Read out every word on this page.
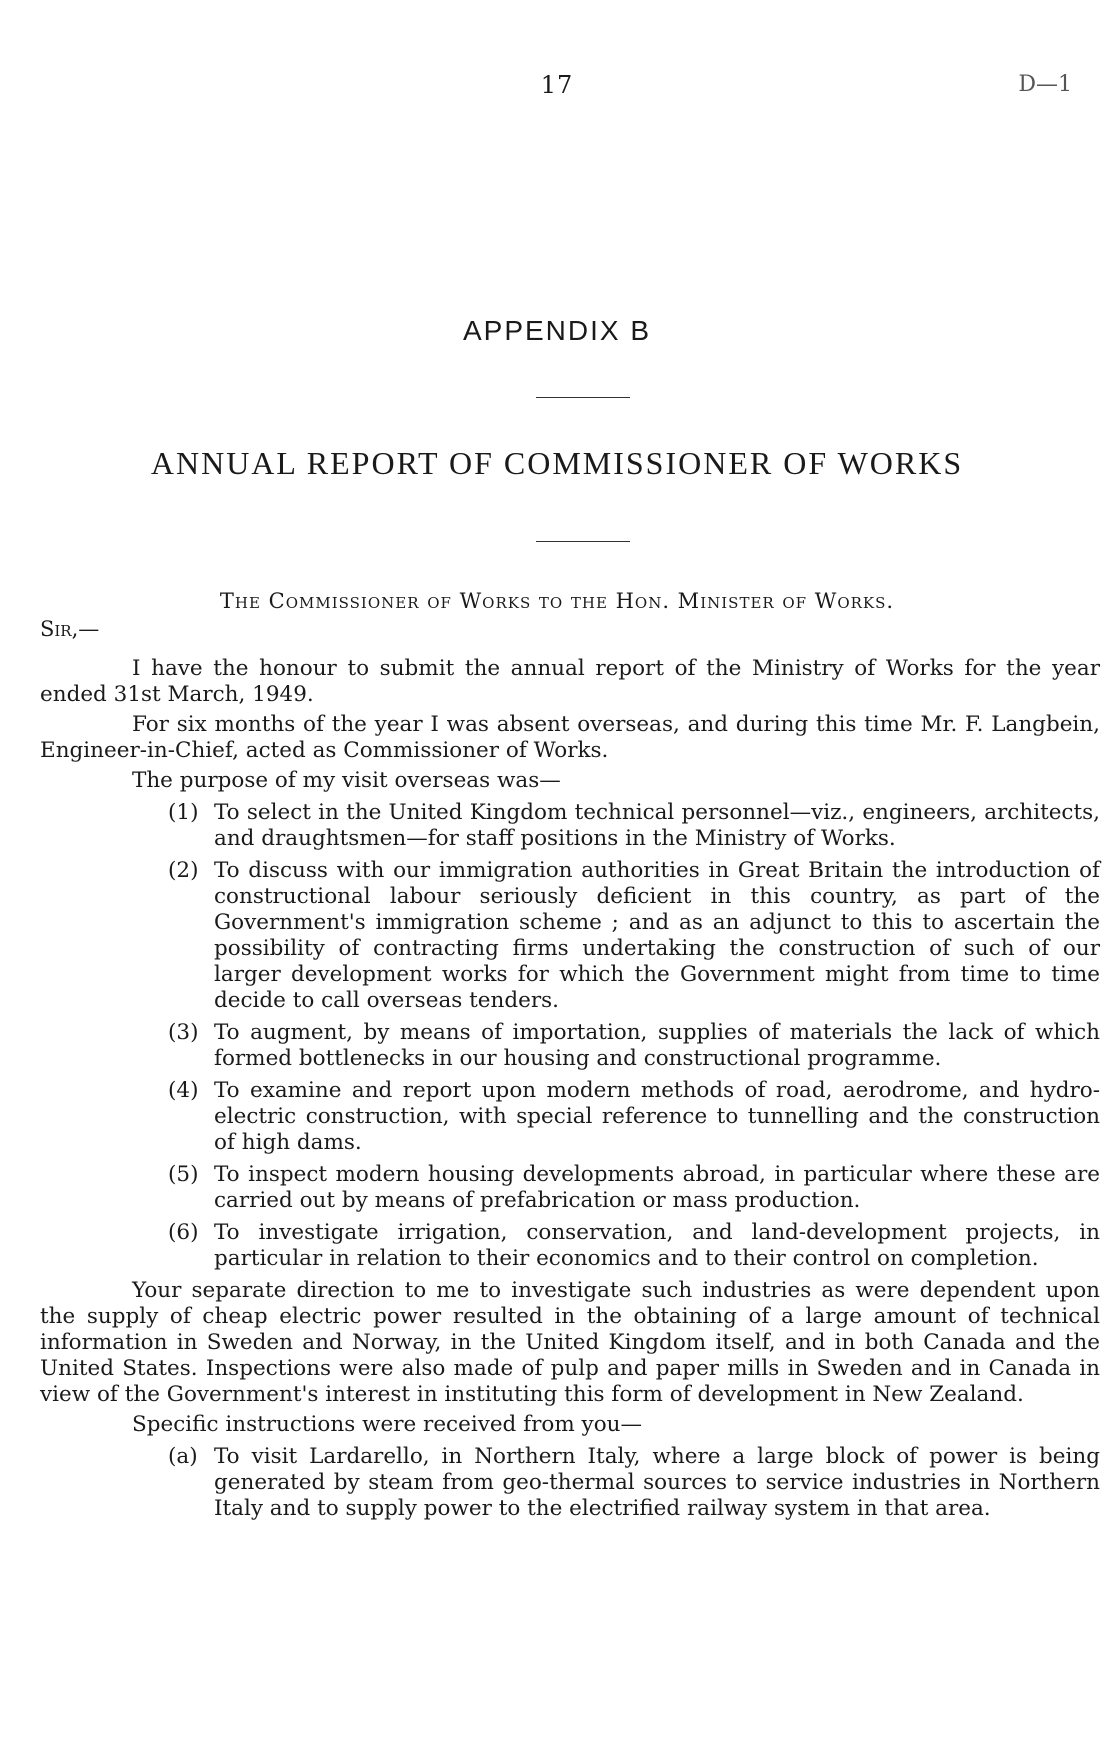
17	D—1
APPENDIX B
ANNUAL REPORT OF COMMISSIONER OF WORKS
The Commissioner of Works to the Hon. Minister of Works.
Sir,—

I have the honour to submit the annual report of the Ministry of Works for the year ended 31st March, 1949.

For six months of the year I was absent overseas, and during this time Mr. F. Langbein, Engineer-in-Chief, acted as Commissioner of Works.

The purpose of my visit overseas was—

(1) To select in the United Kingdom technical personnel—viz., engineers, architects, and draughtsmen—for staff positions in the Ministry of Works.
(2) To discuss with our immigration authorities in Great Britain the introduction of constructional labour seriously deficient in this country, as part of the Government's immigration scheme ; and as an adjunct to this to ascertain the possibility of contracting firms undertaking the construction of such of our larger development works for which the Government might from time to time decide to call overseas tenders.
(3) To augment, by means of importation, supplies of materials the lack of which formed bottlenecks in our housing and constructional programme.
(4) To examine and report upon modern methods of road, aerodrome, and hydro-electric construction, with special reference to tunnelling and the construction of high dams.
(5) To inspect modern housing developments abroad, in particular where these are carried out by means of prefabrication or mass production.
(6) To investigate irrigation, conservation, and land-development projects, in particular in relation to their economics and to their control on completion.

Your separate direction to me to investigate such industries as were dependent upon the supply of cheap electric power resulted in the obtaining of a large amount of technical information in Sweden and Norway, in the United Kingdom itself, and in both Canada and the United States. Inspections were also made of pulp and paper mills in Sweden and in Canada in view of the Government's interest in instituting this form of development in New Zealand.

Specific instructions were received from you—

(a) To visit Lardarello, in Northern Italy, where a large block of power is being generated by steam from geo-thermal sources to service industries in Northern Italy and to supply power to the electrified railway system in that area.
